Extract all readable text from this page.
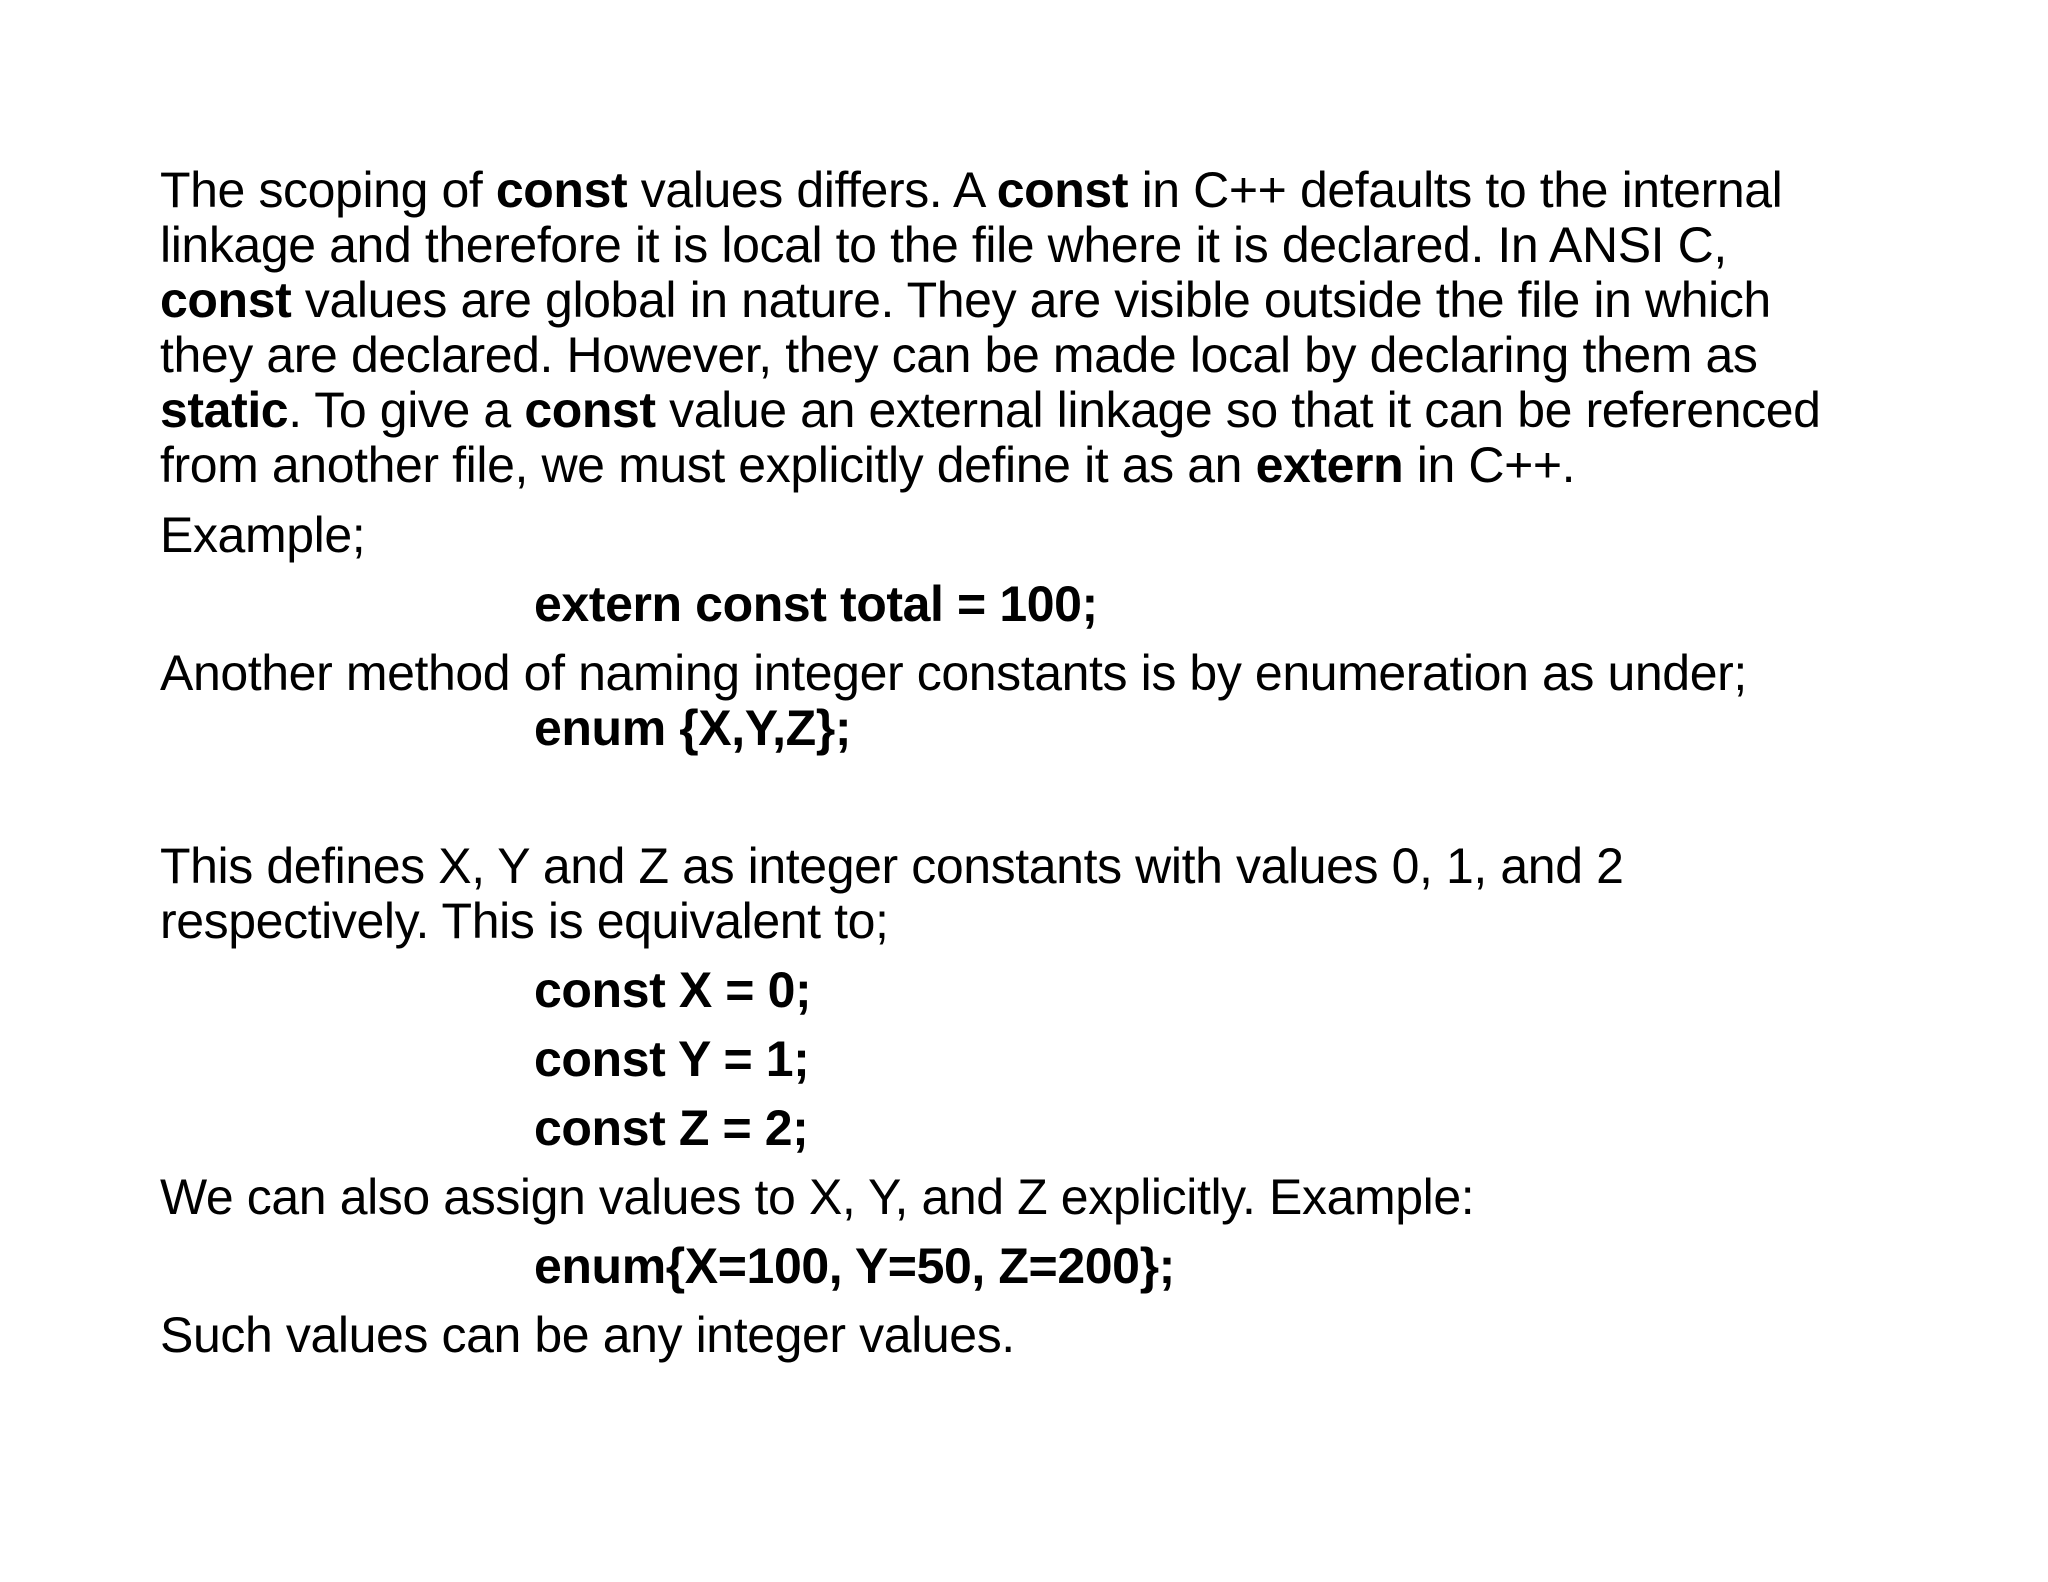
The scoping of const values differs. A const in C++ defaults to the internal
linkage and therefore it is local to the file where it is declared. In ANSI C,
const values are global in nature. They are visible outside the file in which
they are declared. However, they can be made local by declaring them as
static. To give a const value an external linkage so that it can be referenced
from another file, we must explicitly define it as an extern in C++.
Example;
extern const total = 100;
Another method of naming integer constants is by enumeration as under;
enum {X,Y,Z};
This defines X, Y and Z as integer constants with values 0, 1, and 2
respectively. This is equivalent to;
const X = 0;
const Y = 1;
const Z = 2;
We can also assign values to X, Y, and Z explicitly. Example:
enum{X=100, Y=50, Z=200};
Such values can be any integer values.
